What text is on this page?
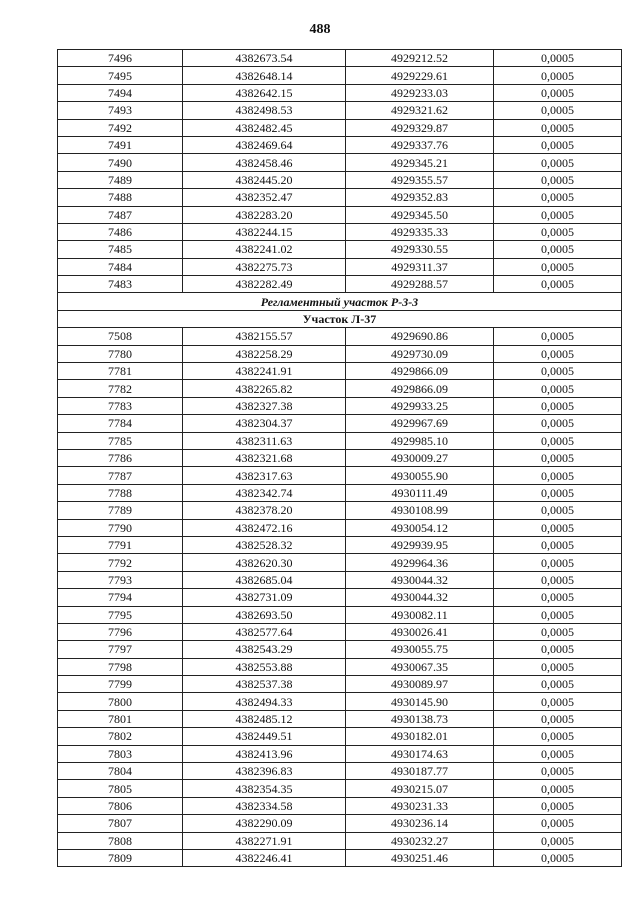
488
7496	4382673.54	4929212.52	0,0005
7495	4382648.14	4929229.61	0,0005
7494	4382642.15	4929233.03	0,0005
7493	4382498.53	4929321.62	0,0005
7492	4382482.45	4929329.87	0,0005
7491	4382469.64	4929337.76	0,0005
7490	4382458.46	4929345.21	0,0005
7489	4382445.20	4929355.57	0,0005
7488	4382352.47	4929352.83	0,0005
7487	4382283.20	4929345.50	0,0005
7486	4382244.15	4929335.33	0,0005
7485	4382241.02	4929330.55	0,0005
7484	4382275.73	4929311.37	0,0005
7483	4382282.49	4929288.57	0,0005
Регламентный участок Р-3-3			
Участок Л-37			
7508	4382155.57	4929690.86	0,0005
7780	4382258.29	4929730.09	0,0005
7781	4382241.91	4929866.09	0,0005
7782	4382265.82	4929866.09	0,0005
7783	4382327.38	4929933.25	0,0005
7784	4382304.37	4929967.69	0,0005
7785	4382311.63	4929985.10	0,0005
7786	4382321.68	4930009.27	0,0005
7787	4382317.63	4930055.90	0,0005
7788	4382342.74	4930111.49	0,0005
7789	4382378.20	4930108.99	0,0005
7790	4382472.16	4930054.12	0,0005
7791	4382528.32	4929939.95	0,0005
7792	4382620.30	4929964.36	0,0005
7793	4382685.04	4930044.32	0,0005
7794	4382731.09	4930044.32	0,0005
7795	4382693.50	4930082.11	0,0005
7796	4382577.64	4930026.41	0,0005
7797	4382543.29	4930055.75	0,0005
7798	4382553.88	4930067.35	0,0005
7799	4382537.38	4930089.97	0,0005
7800	4382494.33	4930145.90	0,0005
7801	4382485.12	4930138.73	0,0005
7802	4382449.51	4930182.01	0,0005
7803	4382413.96	4930174.63	0,0005
7804	4382396.83	4930187.77	0,0005
7805	4382354.35	4930215.07	0,0005
7806	4382334.58	4930231.33	0,0005
7807	4382290.09	4930236.14	0,0005
7808	4382271.91	4930232.27	0,0005
7809	4382246.41	4930251.46	0,0005
